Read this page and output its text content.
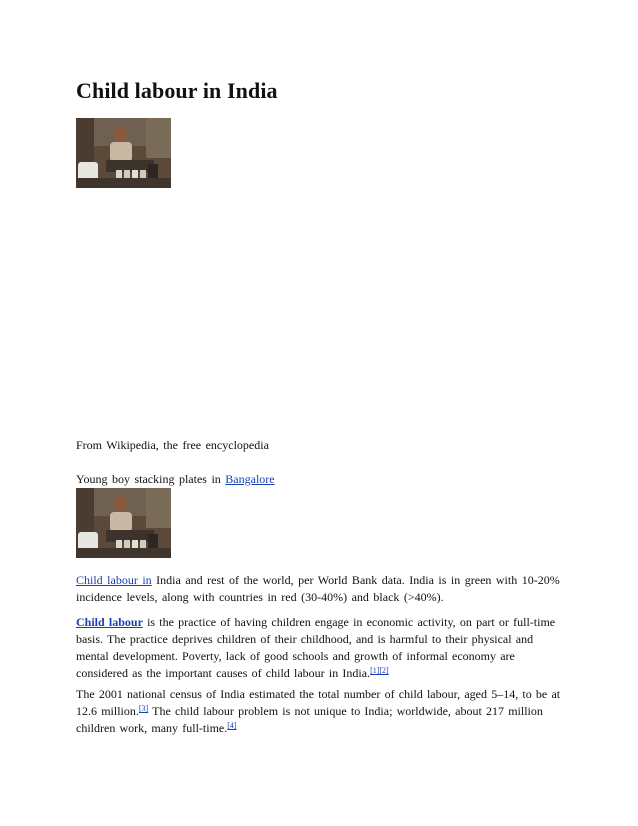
Child labour in India

From Wikipedia, the free encyclopedia

Young boy stacking plates in Bangalore

Child labour in India and rest of the world, per World Bank data. India is in green with 10-20%

incidence levels, along with countries in red (30-40%) and black (>40%).

Child labour is the practice of having children engage in economic activity, on part or full-time basis. The practice deprives children of their childhood, and is harmful to their physical and mental development. Poverty, lack of good schools and growth of informal economy are considered as the important causes of child labour in India.[1][2]

The 2001 national census of India estimated the total number of child labour, aged 5–14, to be at 12.6 million.[3] The child labour problem is not unique to India; worldwide, about 217 million children work, many full-time.[4]
